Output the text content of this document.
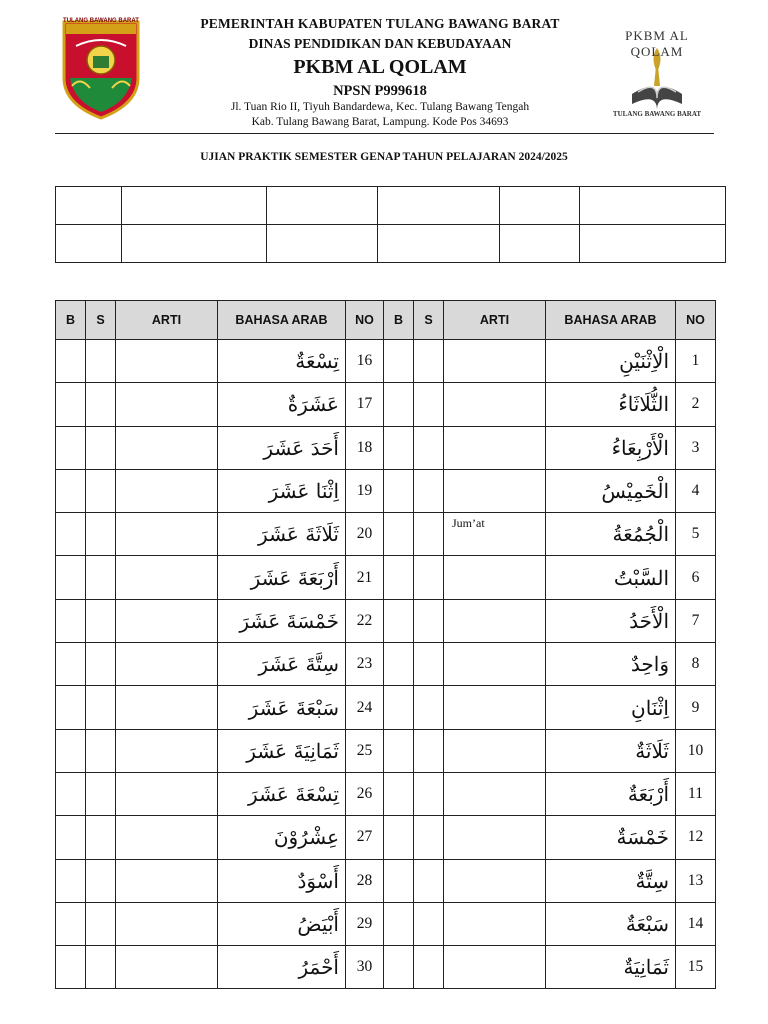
TULANG BAWANG BARAT	PEMERINTAH KABUPATEN TULANG BAWANG BARAT
DINAS PENDIDIKAN DAN KEBUDAYAAN
PKBM AL QOLAM
NPSN P999618
Jl. Tuan Rio II, Tiyuh Bandardewa, Kec. Tulang Bawang Tengah
Kab. Tulang Bawang Barat, Lampung. Kode Pos 34693
PKBM AL QOLAM
TULANG BAWANG BARAT
UJIAN PRAKTIK SEMESTER GENAP TAHUN PELAJARAN 2024/2025

B	S	ARTI	BAHASA ARAB	NO	B	S	ARTI	BAHASA ARAB	NO
			تِسْعَةٌ	16				الْاِثْنَيْنِ	1
			عَشَرَةٌ	17				الثُّلَاثَاءُ	2
			أَحَدَ عَشَرَ	18				الْأَرْبِعَاءُ	3
			اِثْنَا عَشَرَ	19				الْخَمِيْسُ	4
			ثَلَاثَةَ عَشَرَ	20			Jum’at	الْجُمُعَةُ	5
			أَرْبَعَةَ عَشَرَ	21				السَّبْتُ	6
			خَمْسَةَ عَشَرَ	22				الْأَحَدُ	7
			سِتَّةَ عَشَرَ	23				وَاحِدٌ	8
			سَبْعَةَ عَشَرَ	24				اِثْنَانِ	9
			ثَمَانِيَةَ عَشَرَ	25				ثَلَاثَةٌ	10
			تِسْعَةَ عَشَرَ	26				أَرْبَعَةٌ	11
			عِشْرُوْنَ	27				خَمْسَةٌ	12
			أَسْوَدٌ	28				سِتَّةٌ	13
			أَبْيَضُ	29				سَبْعَةٌ	14
			أَحْمَرُ	30				ثَمَانِيَةٌ	15
